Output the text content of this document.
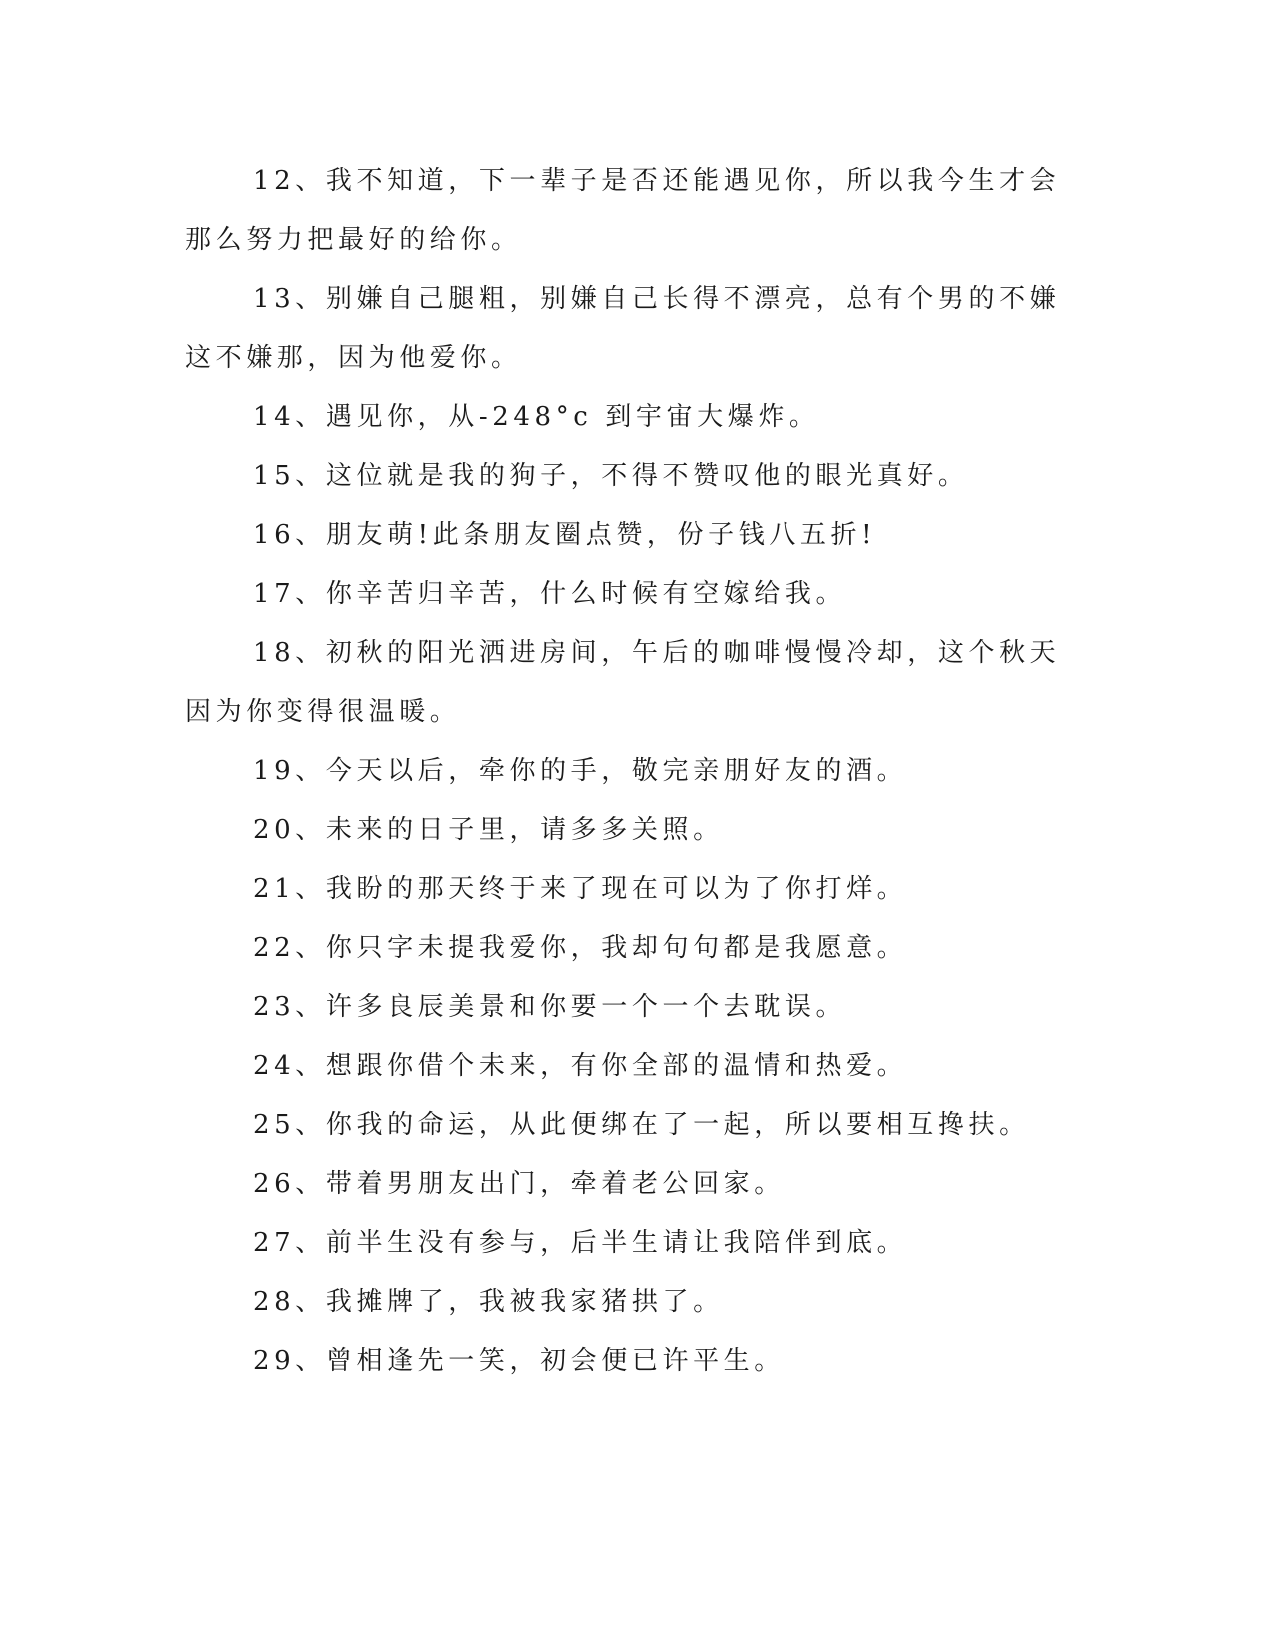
12、我不知道，下一辈子是否还能遇见你，所以我今生才会那么努力把最好的给你。

13、别嫌自己腿粗，别嫌自己长得不漂亮，总有个男的不嫌这不嫌那，因为他爱你。

14、遇见你，从-248°c 到宇宙大爆炸。

15、这位就是我的狗子，不得不赞叹他的眼光真好。

16、朋友萌!此条朋友圈点赞，份子钱八五折!

17、你辛苦归辛苦，什么时候有空嫁给我。

18、初秋的阳光洒进房间，午后的咖啡慢慢冷却，这个秋天因为你变得很温暖。

19、今天以后，牵你的手，敬完亲朋好友的酒。

20、未来的日子里，请多多关照。

21、我盼的那天终于来了现在可以为了你打烊。

22、你只字未提我爱你，我却句句都是我愿意。

23、许多良辰美景和你要一个一个去耽误。

24、想跟你借个未来，有你全部的温情和热爱。

25、你我的命运，从此便绑在了一起，所以要相互搀扶。

26、带着男朋友出门，牵着老公回家。

27、前半生没有参与，后半生请让我陪伴到底。

28、我摊牌了，我被我家猪拱了。

29、曾相逢先一笑，初会便已许平生。
